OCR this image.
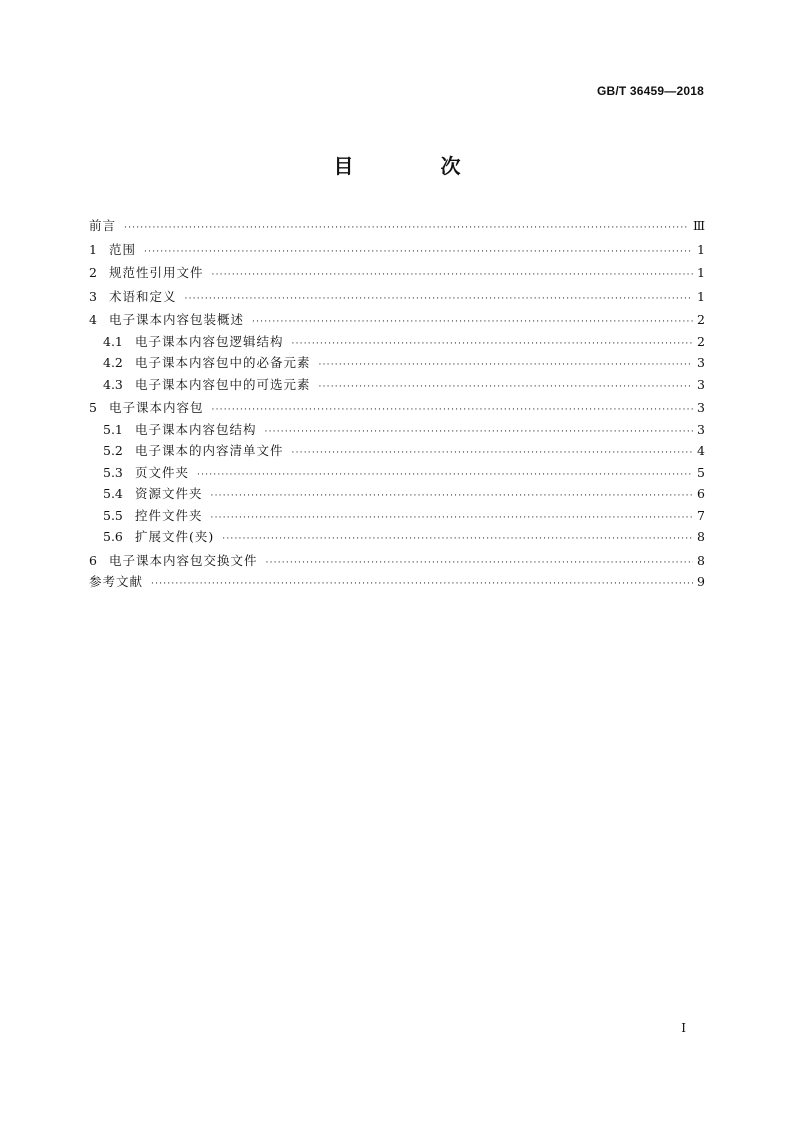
GB/T 36459—2018
目 次
前言 ·····	Ⅲ
1 范围 ·····	1
2 规范性引用文件 ·····	1
3 术语和定义 ·····	1
4 电子课本内容包装概述 ·····	2
4.1 电子课本内容包逻辑结构 ·····	2
4.2 电子课本内容包中的必备元素 ·····	3
4.3 电子课本内容包中的可选元素 ·····	3
5 电子课本内容包 ·····	3
5.1 电子课本内容包结构 ·····	3
5.2 电子课本的内容清单文件 ·····	4
5.3 页文件夹 ·····	5
5.4 资源文件夹 ·····	6
5.5 控件文件夹 ·····	7
5.6 扩展文件(夹) ·····	8
6 电子课本内容包交换文件 ·····	8
参考文献 ·····	9
I
